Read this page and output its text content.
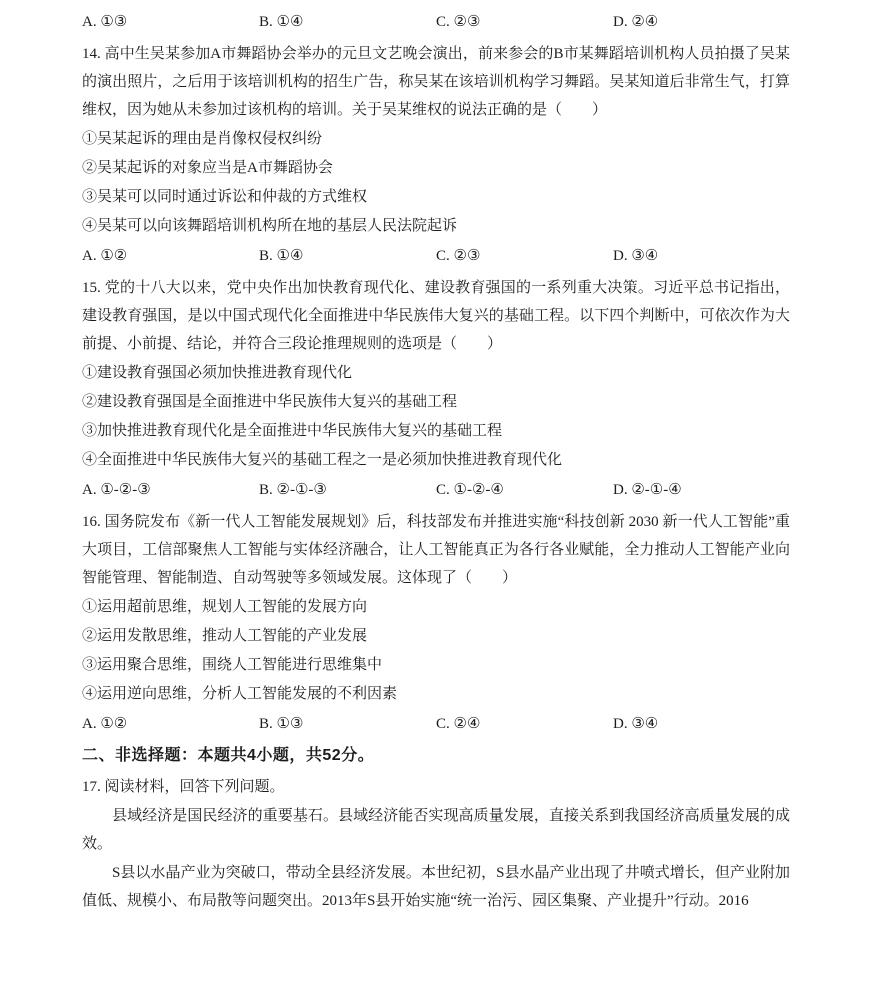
A. ①③	B. ①④	C. ②③	D. ②④

14. 高中生吴某参加A市舞蹈协会举办的元旦文艺晚会演出，前来参会的B市某舞蹈培训机构人员拍摄了吴某的演出照片，之后用于该培训机构的招生广告，称吴某在该培训机构学习舞蹈。吴某知道后非常生气，打算维权，因为她从未参加过该机构的培训。关于吴某维权的说法正确的是（　　）

①吴某起诉的理由是肖像权侵权纠纷

②吴某起诉的对象应当是A市舞蹈协会

③吴某可以同时通过诉讼和仲裁的方式维权

④吴某可以向该舞蹈培训机构所在地的基层人民法院起诉

A. ①②	B. ①④	C. ②③	D. ③④

15. 党的十八大以来，党中央作出加快教育现代化、建设教育强国的一系列重大决策。习近平总书记指出，建设教育强国，是以中国式现代化全面推进中华民族伟大复兴的基础工程。以下四个判断中，可依次作为大前提、小前提、结论，并符合三段论推理规则的选项是（　　）

①建设教育强国必须加快推进教育现代化

②建设教育强国是全面推进中华民族伟大复兴的基础工程

③加快推进教育现代化是全面推进中华民族伟大复兴的基础工程

④全面推进中华民族伟大复兴的基础工程之一是必须加快推进教育现代化

A. ①-②-③	B. ②-①-③	C. ①-②-④	D. ②-①-④

16. 国务院发布《新一代人工智能发展规划》后，科技部发布并推进实施“科技创新 2030 新一代人工智能”重大项目，工信部聚焦人工智能与实体经济融合，让人工智能真正为各行各业赋能，全力推动人工智能产业向智能管理、智能制造、自动驾驶等多领域发展。这体现了（　　）

①运用超前思维，规划人工智能的发展方向

②运用发散思维，推动人工智能的产业发展

③运用聚合思维，围绕人工智能进行思维集中

④运用逆向思维，分析人工智能发展的不利因素

A. ①②	B. ①③	C. ②④	D. ③④

二、非选择题：本题共4小题，共52分。

17. 阅读材料，回答下列问题。

县域经济是国民经济的重要基石。县域经济能否实现高质量发展，直接关系到我国经济高质量发展的成效。

S县以水晶产业为突破口，带动全县经济发展。本世纪初，S县水晶产业出现了井喷式增长，但产业附加值低、规模小、布局散等问题突出。2013年S县开始实施“统一治污、园区集聚、产业提升”行动。2016
